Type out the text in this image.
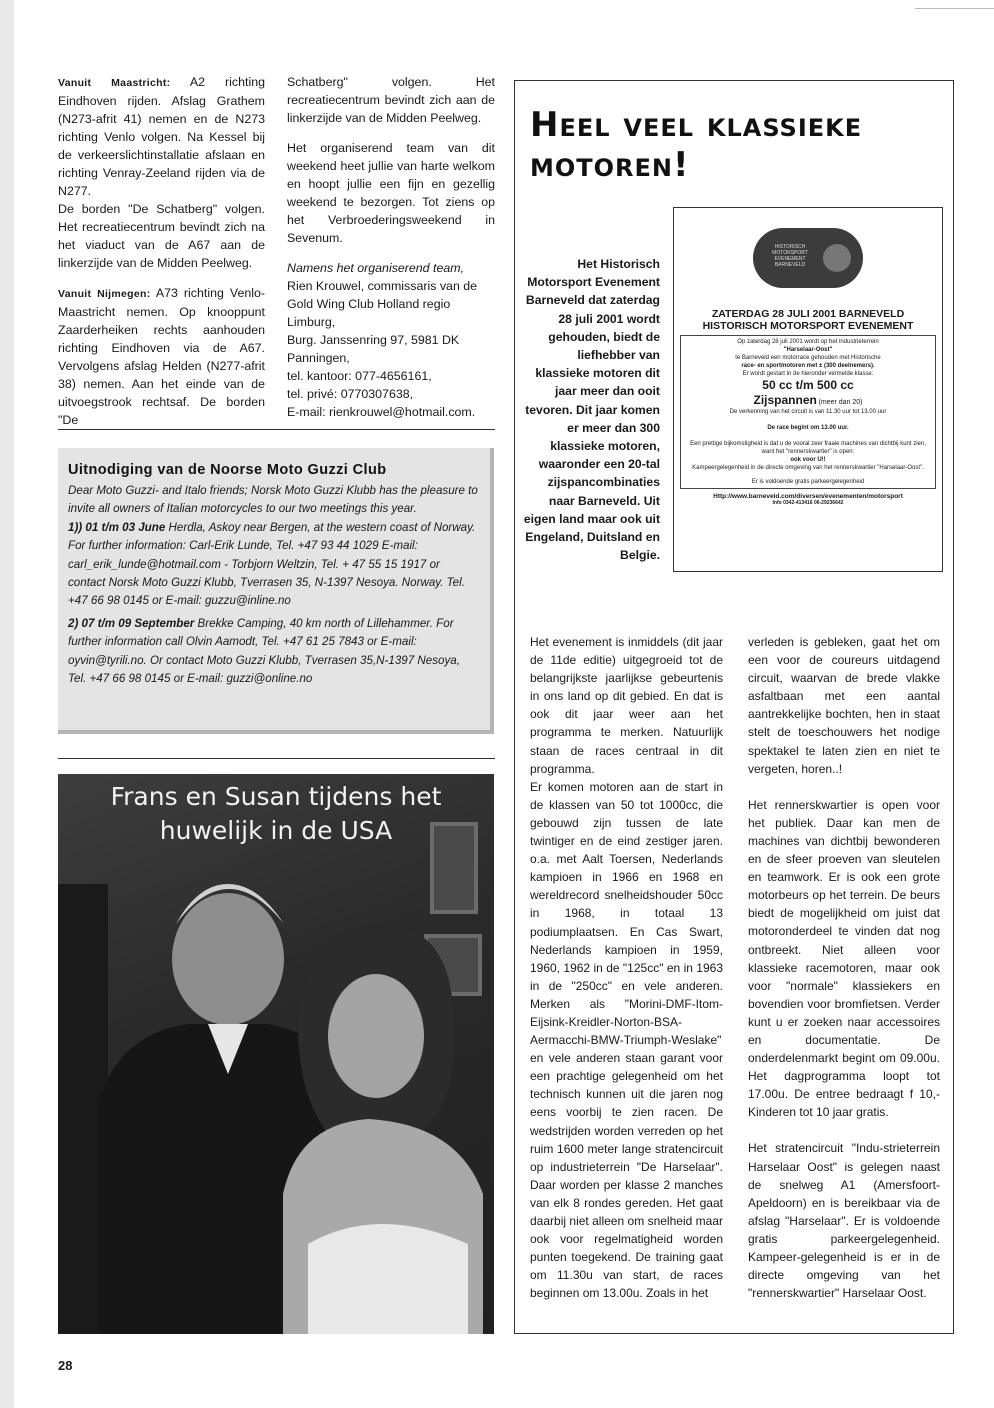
Vanuit Maastricht: A2 richting Eindhoven rijden. Afslag Grathem (N273-afrit 41) nemen en de N273 richting Venlo volgen. Na Kessel bij de verkeerslichtinstallatie afslaan en richting Venray-Zeeland rijden via de N277.

De borden "De Schatberg" volgen. Het recreatiecentrum bevindt zich na het viaduct van de A67 aan de linkerzijde van de Midden Peelweg.

Vanuit Nijmegen: A73 richting Venlo-Maastricht nemen. Op knooppunt Zaarderheiken rechts aanhouden richting Eindhoven via de A67. Vervolgens afslag Helden (N277-afrit 38) nemen. Aan het einde van de uitvoegstrook rechtsaf. De borden "De

Schatberg" volgen. Het recreatiecentrum bevindt zich aan de linkerzijde van de Midden Peelweg.

Het organiserend team van dit weekend heet jullie van harte welkom en hoopt jullie een fijn en gezellig weekend te bezorgen. Tot ziens op het Verbroederingsweekend in Sevenum.

Namens het organiserend team,
Rien Krouwel, commissaris van de Gold Wing Club Holland regio Limburg,
Burg. Janssenring 97, 5981 DK Panningen,
tel. kantoor: 077-4656161,
tel. privé: 0770307638,
E-mail: rienkrouwel@hotmail.com.
Uitnodiging van de Noorse Moto Guzzi Club

Dear Moto Guzzi- and Italo friends; Norsk Moto Guzzi Klubb has the pleasure to invite all owners of Italian motorcycles to our two meetings this year.

1)) 01 t/m 03 June Herdla, Askoy near Bergen, at the western coast of Norway. For further information: Carl-Erik Lunde, Tel. +47 93 44 1029 E-mail: carl_erik_lunde@hotmail.com - Torbjorn Weltzin, Tel. + 47 55 15 1917 or contact Norsk Moto Guzzi Klubb, Tverrasen 35, N-1397 Nesoya. Norway. Tel. +47 66 98 0145 or E-mail: guzzu@inline.no

2) 07 t/m 09 September Brekke Camping, 40 km north of Lillehammer. For further information call Olvin Aamodt, Tel. +47 61 25 7843 or E-mail: oyvin@tyrili.no. Or contact Moto Guzzi Klubb, Tverrasen 35,N-1397 Nesoya, Tel. +47 66 98 0145 or E-mail: guzzi@online.no

Frans en Susan tijdens het
huwelijk in de USA
Heel veel klassieke
motoren!
Het Historisch Motorsport Evenement Barneveld dat zaterdag 28 juli 2001 wordt gehouden, biedt de liefhebber van klassieke motoren dit jaar meer dan ooit tevoren. Dit jaar komen er meer dan 300 klassieke motoren, waaronder een 20-tal zijspancombinaties naar Barneveld. Uit eigen land maar ook uit Engeland, Duitsland en Belgie.
HISTORISCH MOTORSPORT EVENEMENT BARNEVELD
ZATERDAG 28 JULI 2001 BARNEVELD
HISTORISCH MOTORSPORT EVENEMENT
Op zaterdag 28 juli 2001 wordt op het industrieterrein
"Harselaar-Oost"
te Barneveld een motorrace gehouden met Historische
race- en sportmotoren met ± (300 deelnemers).
Er wordt gestart in de hieronder vermelde klasse:
50 cc t/m 500 cc
Zijspannen (meer dan 20)
De verkenning van het circuit is van 11.30 uur tot 13.00 uur
De race begint om 13.00 uur.
Een prettige bijkomstigheid is dat u de vooral zeer fraaie machines van dichtbij kunt zien, want het "rennerskwartier" is open:
ook voor U!!
Kampeergelegenheid in de directe omgeving van het rennerskwartier "Harselaar-Oost".
Er is voldoende gratis parkeergelegenheid
Http://www.barneveld.com/diversen/evenementen/motorsport
Info 0342-413416 06-29236642

Het evenement is inmiddels (dit jaar de 11de editie) uitgegroeid tot de belangrijkste jaarlijkse gebeurtenis in ons land op dit gebied. En dat is ook dit jaar weer aan het programma te merken. Natuurlijk staan de races centraal in dit programma.

Er komen motoren aan de start in de klassen van 50 tot 1000cc, die gebouwd zijn tussen de late twintiger en de eind zestiger jaren. o.a. met Aalt Toersen, Nederlands kampioen in 1966 en 1968 en wereldrecord snelheidshouder 50cc in 1968, in totaal 13 podiumplaatsen. En Cas Swart, Nederlands kampioen in 1959, 1960, 1962 in de "125cc" en in 1963 in de "250cc" en vele anderen. Merken als "Morini-DMF-Itom-Eijsink-Kreidler-Norton-BSA-Aermacchi-BMW-Triumph-Weslake" en vele anderen staan garant voor een prachtige gelegenheid om het technisch kunnen uit die jaren nog eens voorbij te zien racen. De wedstrijden worden verreden op het ruim 1600 meter lange stratencircuit op industrieterrein "De Harselaar". Daar worden per klasse 2 manches van elk 8 rondes gereden. Het gaat daarbij niet alleen om snelheid maar ook voor regelmatigheid worden punten toegekend. De training gaat om 11.30u van start, de races beginnen om 13.00u. Zoals in het

verleden is gebleken, gaat het om een voor de coureurs uitdagend circuit, waarvan de brede vlakke asfaltbaan met een aantal aantrekkelijke bochten, hen in staat stelt de toeschouwers het nodige spektakel te laten zien en niet te vergeten, horen..!

Het rennerskwartier is open voor het publiek. Daar kan men de machines van dichtbij bewonderen en de sfeer proeven van sleutelen en teamwork. Er is ook een grote motorbeurs op het terrein. De beurs biedt de mogelijkheid om juist dat motoronderdeel te vinden dat nog ontbreekt. Niet alleen voor klassieke racemotoren, maar ook voor "normale" klassiekers en bovendien voor bromfietsen. Verder kunt u er zoeken naar accessoires en documentatie. De onderdelenmarkt begint om 09.00u. Het dagprogramma loopt tot 17.00u. De entree bedraagt f 10,- Kinderen tot 10 jaar gratis.

Het stratencircuit "Indu-strieterrein Harselaar Oost" is gelegen naast de snelweg A1 (Amersfoort-Apeldoorn) en is bereikbaar via de afslag "Harselaar". Er is voldoende gratis parkeergelegenheid. Kampeer-gelegenheid is er in de directe omgeving van het "rennerskwartier" Harselaar Oost.

28
